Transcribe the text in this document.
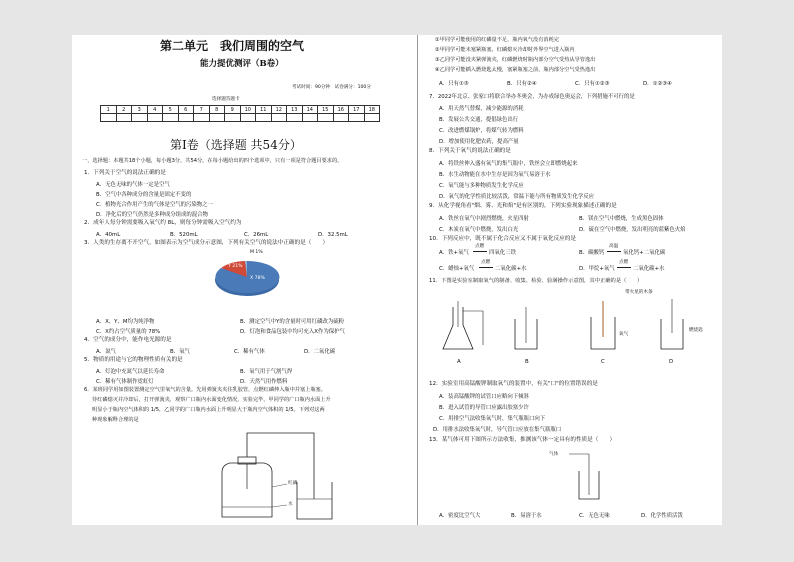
第二单元　我们周围的空气
能力提优测评（B卷）
考试时间：90分钟　试卷满分：100分
选择题答题卡
1	2	3	4	5	6	7	8	9	10	11	12	13	14	15	16	17	18

第Ⅰ卷（选择题 共54分）
一、选择题：本题共18个小题，每小题3分，共54分。在每小题给出的四个选项中，只有一项是符合题目要求的。
1．下列关于空气的说法正确的是
A．无色无味的气体一定是空气
B．空气中各种成分的含量是固定不变的
C．植物光合作用产生的气体是空气的污染物之一
D．净化后的空气仍然是多种成分组成的混合物
2．成年人每分钟需要吸入氧气约 8L，则每分钟需吸入空气约为
A．40mL	B．520mL	C．26mL	D．32.5mL
3．人类的生存离不开空气，如图表示为空气成分示意图，下列有关空气的说法中正确的是（　　）
M 1%
Y 21%
X 78%
A．X、Y、M均为纯净物	B．测定空气中Y的含量时可用红磷改为硫粉
C．X约占空气质量的 78%	D．灯泡和食品包装中均可充入X作为保护气
4．空气的成分中，能作电光源的是
A．氮气	B．氧气	C．稀有气体	D．二氧化碳
5．物质的用途与它的物理性质有关的是
A．灯泡中充氮气以延长寿命	B．氧气用于气割气焊
C．稀有气体制作霓虹灯	D．天然气用作燃料
6．某班同学用如图装置测定空气里氧气的含量。先用弹簧夹夹住乳胶管，点燃红磷伸入瓶中并塞上瓶塞。
待红磷熄灭并冷却后，打开弹簧夹，观察广口瓶内水面变化情况，实验完毕，甲同学的广口瓶内水面上升
明显小于瓶内空气体积的 1/5，乙同学的广口瓶内水面上升明显大于瓶内空气体积的 1/5。下列对这两
种现象解释合理的是
红磷
水
①甲同学可能使用的红磷量不足，瓶内氧气没有消耗完
②甲同学可能未塞紧瓶塞，红磷熄灭冷却时外界空气进入瓶内
③乙同学可能没夹紧弹簧夹，红磷燃烧时瓶内部分空气受热从导管逸出
④乙同学可能插入燃烧匙太慢，塞紧瓶塞之前，瓶内部分空气受热逸出
A．只有①③	B．只有②④	C．只有①②③	D．①②③④
7．2022年北京、张家口将联合举办冬奥会，为办成绿色奥运会，下列措施不可行的是
A．用天然气替煤，减少能源的消耗
B．发展公共交通，提倡绿色出行
C．改进燃煤锅炉，将煤气转为燃料
D．增加使用化肥农药，提高产量
8．下列关于氧气的说法正确的是
A．将铁丝伸入盛有氧气的集气瓶中，铁丝会立即燃烧起来
B．水生动物能在水中生存是因为氧气易溶于水
C．氧气能与多种物质发生化学反应
D．氧气的化学性质比较活泼，常温下能与所有物质发生化学反应
9．从化学视角看"烟、雾、光和焰"是有区别的，下列实验现象描述正确的是
A．铁丝在氧气中剧烈燃烧，火星四射	B．镁在空气中燃烧，生成黑色固体
C．木炭在氧气中燃烧，发出白光	D．硫在空气中燃烧，发出明亮的蓝紫色火焰
10．下列反应中，既不属于化合反应又不属于氧化反应的是
A．铁+氧气
点燃
四氧化三铁	B．碳酸钙
高温
氧化钙+二氧化碳
C．蜡烛+氧气
点燃
二氧化碳+水	D．甲烷+氧气
点燃
二氧化碳+水
11．下图是实验室制取氧气的制备、收集、检验、验满操作示意图，其中正确的是（　　）
带火星的木条
氧气
燃烧匙
A	B	C	D
12．实验室用高锰酸钾制取氧气的装置中，有关"口"的位置错误的是
A．装高锰酸钾的试管口应略向下倾斜
B．进入试管的导管口应露出胶塞少许
C．用排空气法收集氧气时，集气瓶瓶口向下
D．用排水法收集氧气时，导气管口应放在集气瓶瓶口
13．某气体可用下图所示方法收集，推测该气体一定具有的性质是（　　）
气体
A．密度比空气大	B．易溶于水	C．无色无味	D．化学性质活泼
